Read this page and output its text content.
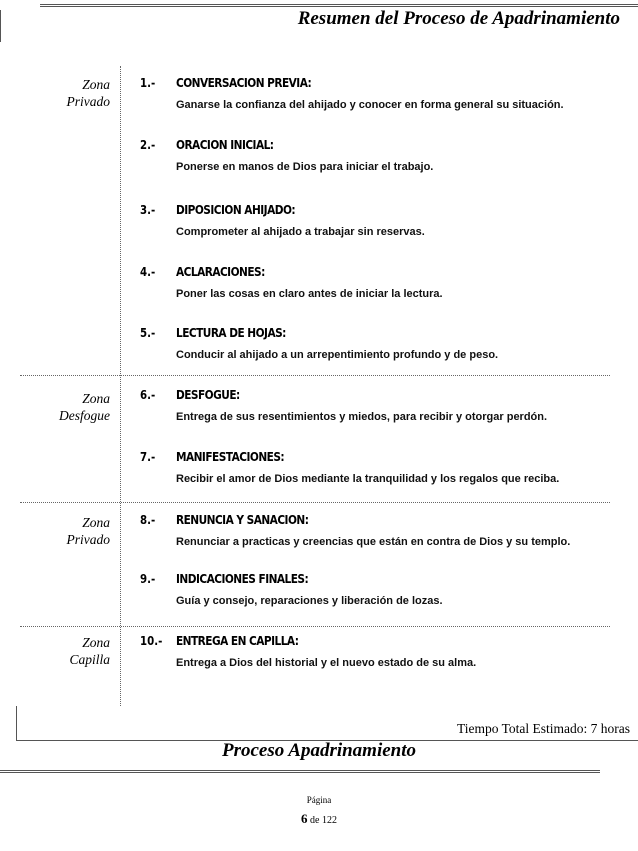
Resumen del Proceso de Apadrinamiento
Zona
Privado
Zona
Desfogue
Zona
Privado
Zona
Capilla
1.- CONVERSACION PREVIA:
Ganarse la confianza del ahijado y conocer en forma general su situación.
2.- ORACION INICIAL:
Ponerse en manos de Dios para iniciar el trabajo.
3.- DIPOSICION AHIJADO:
Comprometer al ahijado a trabajar sin reservas.
4.- ACLARACIONES:
Poner las cosas en claro antes de iniciar la lectura.
5.- LECTURA DE HOJAS:
Conducir al ahijado a un arrepentimiento profundo y de peso.
6.- DESFOGUE:
Entrega de sus resentimientos y miedos, para recibir y otorgar perdón.
7.- MANIFESTACIONES:
Recibir el amor de Dios mediante la tranquilidad y los regalos que reciba.
8.- RENUNCIA Y SANACION:
Renunciar a practicas y creencias que están en contra de Dios y su templo.
9.- INDICACIONES FINALES:
Guía y consejo, reparaciones y liberación de lozas.
10.- ENTREGA EN CAPILLA:
Entrega a Dios del historial y el nuevo estado de su alma.
Tiempo Total Estimado: 7 horas
Proceso Apadrinamiento
Página
6 de 122
